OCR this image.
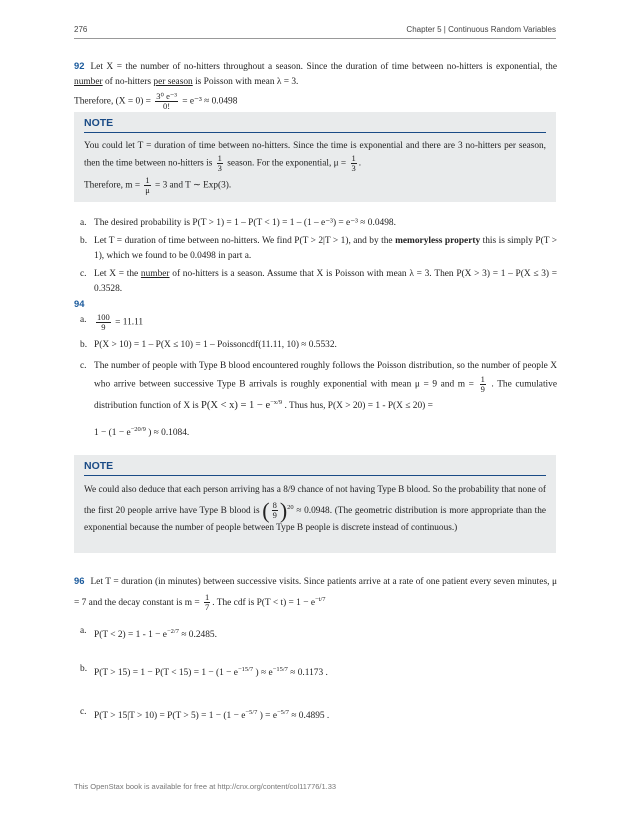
276	Chapter 5 | Continuous Random Variables
92 Let X = the number of no-hitters throughout a season. Since the duration of time between no-hitters is exponential, the number of no-hitters per season is Poisson with mean λ = 3.
Therefore, $(X = 0) = \frac{\text{3⁰ e⁻³}}{0!} = e^{-3} \approx 0.0498$
NOTE
You could let T = duration of time between no-hitters. Since the time is exponential and there are 3 no-hitters per season, then the time between no-hitters is $\frac{1}{3}$ season. For the exponential, $\mu = \frac{1}{3}$ .
Therefore, $m = \frac{1}{\mu} = 3$ and T ∼ Exp(3).
a. The desired probability is P(T > 1) = 1 – P(T < 1) = 1 – (1 – e⁻³) = e⁻³ ≈ 0.0498.
b. Let T = duration of time between no-hitters. We find P(T > 2|T > 1), and by the memoryless property this is simply P(T > 1), which we found to be 0.0498 in part a.
c. Let X = the number of no-hitters is a season. Assume that X is Poisson with mean λ = 3. Then P(X > 3) = 1 – P(X ≤ 3) = 0.3528.
94
a. $\frac{100}{9} = 11.11$
b. P(X > 10) = 1 – P(X ≤ 10) = 1 – Poissoncdf(11.11, 10) ≈ 0.5532.
c. The number of people with Type B blood encountered roughly follows the Poisson distribution, so the number of people X who arrive between successive Type B arrivals is roughly exponential with mean μ = 9 and $m = \frac{1}{9}$ . The cumulative distribution function of X is $P(X < x) = 1 - e^{-x/9}$ . Thus hus, P(X > 20) = 1 - P(X ≤ 20) =
$1 - (1 - e^{-20/9}$ ) ≈ 0.1084.
NOTE
We could also deduce that each person arriving has a 8/9 chance of not having Type B blood. So the probability that none of the first 20 people arrive have Type B blood is ( $\frac{8}{9} )^{20} \approx 0.0948$. (The geometric distribution is more appropriate than the exponential because the number of people between Type B people is discrete instead of continuous.)
96 Let T = duration (in minutes) between successive visits. Since patients arrive at a rate of one patient every seven minutes, μ = 7 and the decay constant is $m = \frac{1}{7}$ . The cdf is $P(T < t) = 1 - e^{-t/7}$
a. $P(T < 2) = 1 - 1 - e^{-2/7} \approx 0.2485$.
b. $P(T > 15) = 1 - P(T < 15) = 1 - (1 - e^{-15/7}$ ) ≈ $e^{-15/7} \approx 0.1173$ .
c. $P(T > 15|T > 10) = P(T > 5) = 1 - (1 - e^{-5/7}$ ) = $e^{-5/7} \approx 0.4895$ .
This OpenStax book is available for free at http://cnx.org/content/col11776/1.33
